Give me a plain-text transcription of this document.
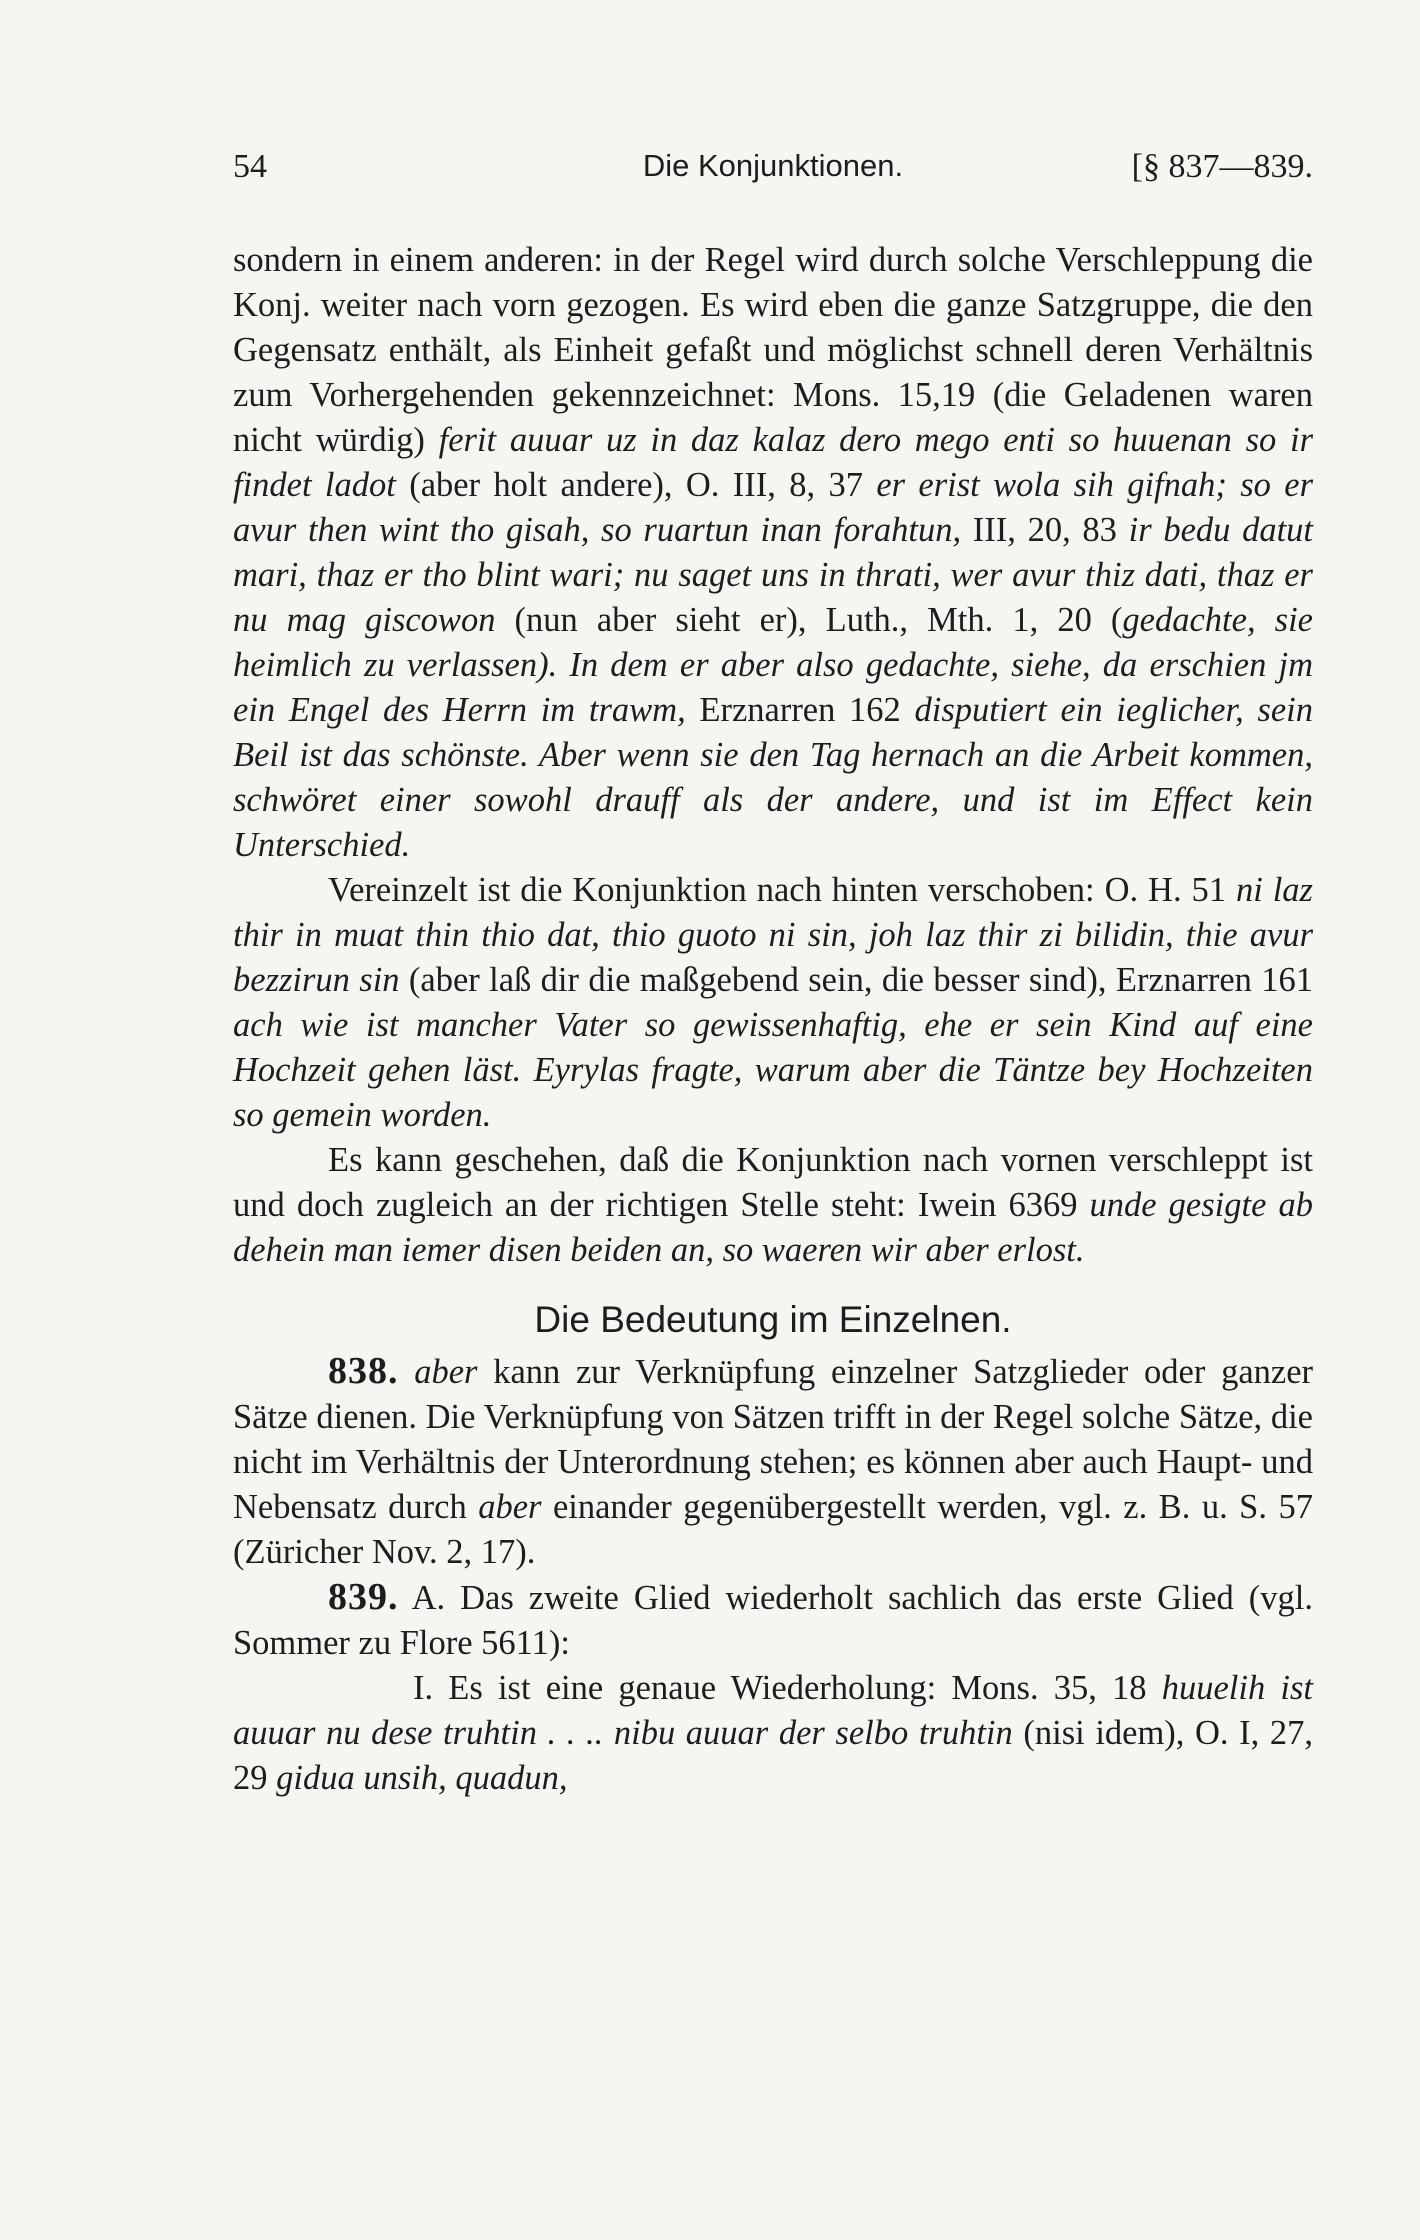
54	Die Konjunktionen.	[§ 837—839.

sondern in einem anderen: in der Regel wird durch solche Verschleppung die Konj. weiter nach vorn gezogen. Es wird eben die ganze Satzgruppe, die den Gegensatz enthält, als Einheit gefaßt und möglichst schnell deren Verhältnis zum Vorhergehenden gekennzeichnet: Mons. 15,19 (die Geladenen waren nicht würdig) ferit auuar uz in daz kalaz dero mego enti so huuenan so ir findet ladot (aber holt andere), O. III, 8, 37 er erist wola sih gifnah; so er avur then wint tho gisah, so ruartun inan forahtun, III, 20, 83 ir bedu datut mari, thaz er tho blint wari; nu saget uns in thrati, wer avur thiz dati, thaz er nu mag giscowon (nun aber sieht er), Luth., Mth. 1, 20 (gedachte, sie heimlich zu verlassen). In dem er aber also gedachte, siehe, da erschien jm ein Engel des Herrn im trawm, Erznarren 162 disputiert ein ieglicher, sein Beil ist das schönste. Aber wenn sie den Tag hernach an die Arbeit kommen, schwöret einer sowohl drauff als der andere, und ist im Effect kein Unterschied.

Vereinzelt ist die Konjunktion nach hinten verschoben: O. H. 51 ni laz thir in muat thin thio dat, thio guoto ni sin, joh laz thir zi bilidin, thie avur bezzirun sin (aber laß dir die maßgebend sein, die besser sind), Erznarren 161 ach wie ist mancher Vater so gewissenhaftig, ehe er sein Kind auf eine Hochzeit gehen läst. Eyrylas fragte, warum aber die Täntze bey Hochzeiten so gemein worden.

Es kann geschehen, daß die Konjunktion nach vornen verschleppt ist und doch zugleich an der richtigen Stelle steht: Iwein 6369 unde gesigte ab dehein man iemer disen beiden an, so waeren wir aber erlost.

Die Bedeutung im Einzelnen.

838. aber kann zur Verknüpfung einzelner Satzglieder oder ganzer Sätze dienen. Die Verknüpfung von Sätzen trifft in der Regel solche Sätze, die nicht im Verhältnis der Unterordnung stehen; es können aber auch Haupt- und Nebensatz durch aber einander gegenübergestellt werden, vgl. z. B. u. S. 57 (Züricher Nov. 2, 17).

839. A. Das zweite Glied wiederholt sachlich das erste Glied (vgl. Sommer zu Flore 5611):

I. Es ist eine genaue Wiederholung: Mons. 35, 18 huuelih ist auuar nu dese truhtin . . .. nibu auuar der selbo truhtin (nisi idem), O. I, 27, 29 gidua unsih, quadun,
